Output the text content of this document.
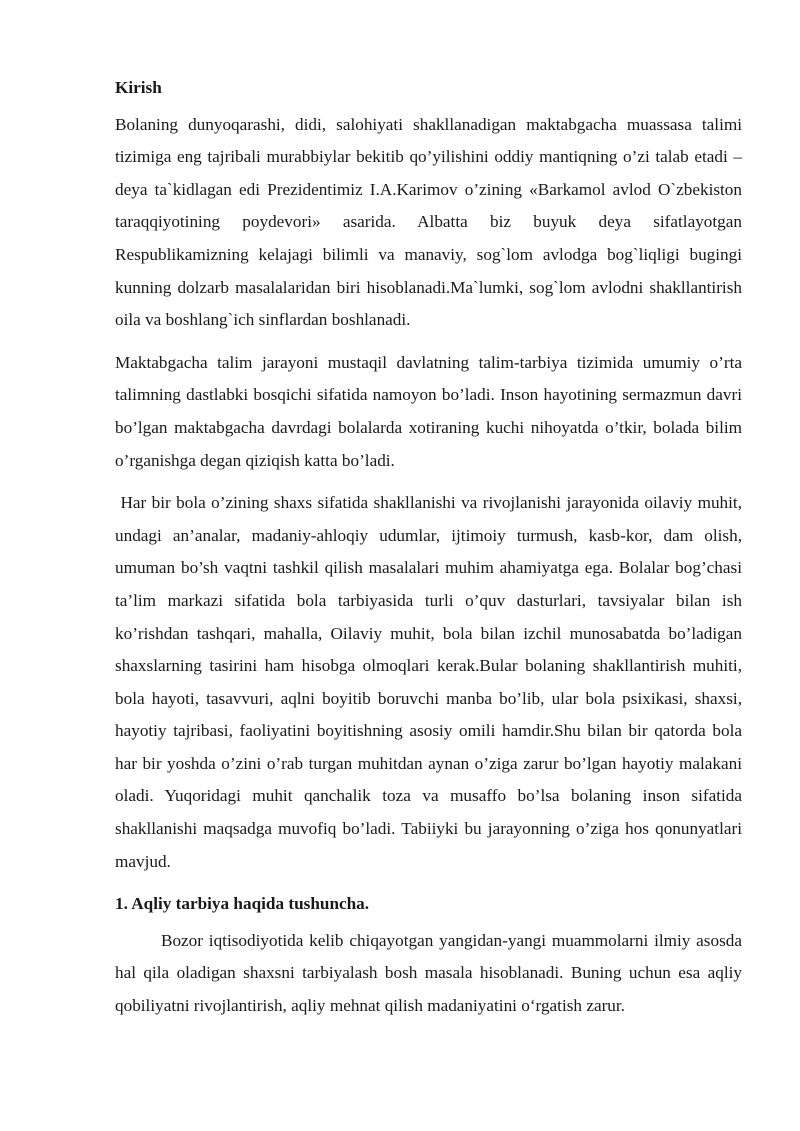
Kirish

Bolaning dunyoqarashi, didi, salohiyati shakllanadigan maktabgacha muassasa talimi tizimiga eng tajribali murabbiylar bekitib qo’yilishini oddiy mantiqning o’zi talab etadi – deya ta`kidlagan edi Prezidentimiz I.A.Karimov o’zining «Barkamol avlod O`zbekiston taraqqiyotining poydevori» asarida. Albatta biz buyuk deya sifatlayotgan Respublikamizning kelajagi bilimli va manaviy, sog`lom avlodga bog`liqligi bugingi kunning dolzarb masalalaridan biri hisoblanadi.Ma`lumki, sog`lom avlodni shakllantirish oila va boshlang`ich sinflardan boshlanadi.

Maktabgacha talim jarayoni mustaqil davlatning talim-tarbiya tizimida umumiy o’rta talimning dastlabki bosqichi sifatida namoyon bo’ladi. Inson hayotining sermazmun davri bo’lgan maktabgacha davrdagi bolalarda xotiraning kuchi nihoyatda o’tkir, bolada bilim o’rganishga degan qiziqish katta bo’ladi.

Har bir bola o’zining shaxs sifatida shakllanishi va rivojlanishi jarayonida oilaviy muhit, undagi an’analar, madaniy-ahloqiy udumlar, ijtimoiy turmush, kasb-kor, dam olish, umuman bo’sh vaqtni tashkil qilish masalalari muhim ahamiyatga ega. Bolalar bog’chasi ta’lim markazi sifatida bola tarbiyasida turli o’quv dasturlari, tavsiyalar bilan ish ko’rishdan tashqari, mahalla, Oilaviy muhit, bola bilan izchil munosabatda bo’ladigan shaxslarning tasirini ham hisobga olmoqlari kerak.Bular bolaning shakllantirish muhiti, bola hayoti, tasavvuri, aqlni boyitib boruvchi manba bo’lib, ular bola psixikasi, shaxsi, hayotiy tajribasi, faoliyatini boyitishning asosiy omili hamdir.Shu bilan bir qatorda bola har bir yoshda o’zini o’rab turgan muhitdan aynan o’ziga zarur bo’lgan hayotiy malakani oladi. Yuqoridagi muhit qanchalik toza va musaffo bo’lsa bolaning inson sifatida shakllanishi maqsadga muvofiq bo’ladi. Tabiiyki bu jarayonning o’ziga hos qonunyatlari mavjud.

1. Aqliy tarbiya haqida tushuncha.

Bozor iqtisodiyotida kelib chiqayotgan yangidan-yangi muammolarni ilmiy asosda hal qila oladigan shaxsni tarbiyalash bosh masala hisoblanadi. Buning uchun esa aqliy qobiliyatni rivojlantirish, aqliy mehnat qilish madaniyatini o‘rgatish zarur.
